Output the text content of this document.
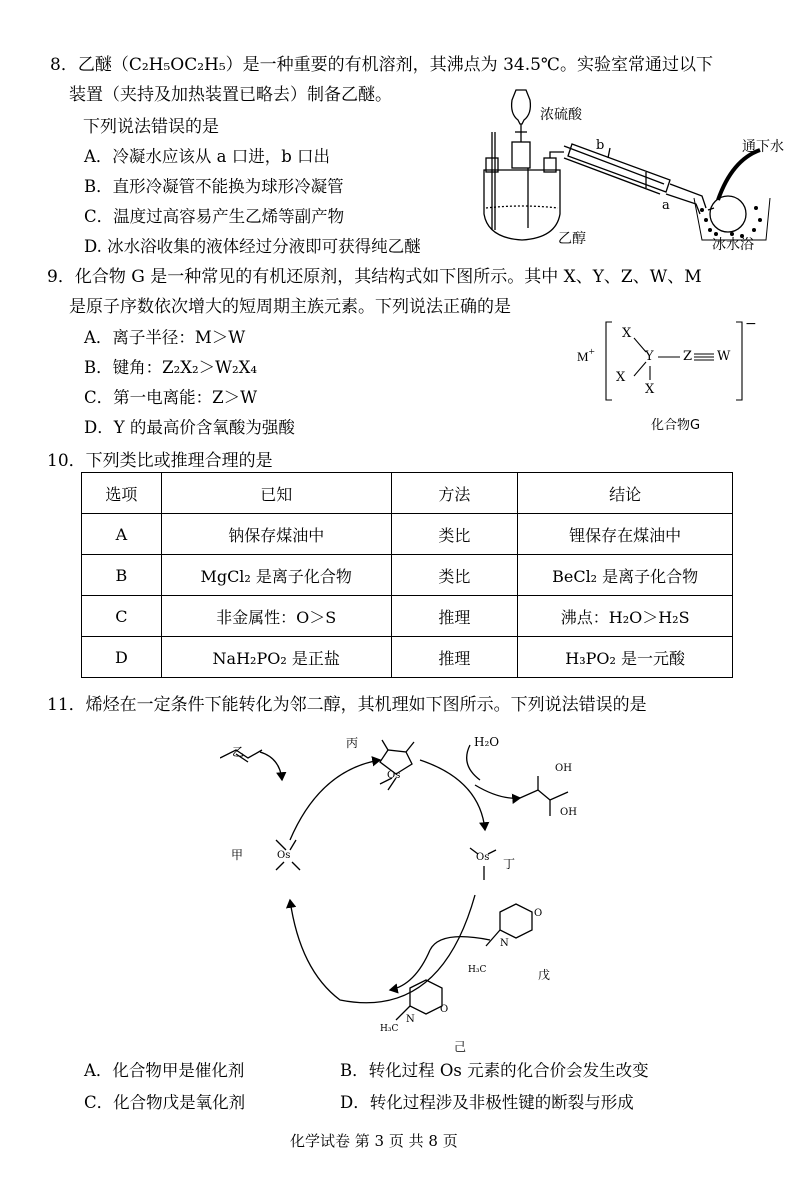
8．乙醚（C₂H₅OC₂H₅）是一种重要的有机溶剂，其沸点为 34.5℃。实验室常通过以下
装置（夹持及加热装置已略去）制备乙醚。
下列说法错误的是
A．冷凝水应该从 a 口进，b 口出
B．直形冷凝管不能换为球形冷凝管
C．温度过高容易产生乙烯等副产物
D. 冰水浴收集的液体经过分液即可获得纯乙醚
浓硫酸
乙醇
通下水
冰水浴
b
a
9．化合物 G 是一种常见的有机还原剂，其结构式如下图所示。其中 X、Y、Z、W、M
是原子序数依次增大的短周期主族元素。下列说法正确的是
A．离子半径：M＞W
B．键角：Z₂X₂＞W₂X₄
C．第一电离能：Z＞W
D．Y 的最高价含氧酸为强酸
M+
X
X
Y
X
Z W
−
化合物G
10．下列类比或推理合理的是
选项	已知	方法	结论
A	钠保存煤油中	类比	锂保存在煤油中
B	MgCl₂ 是离子化合物	类比	BeCl₂ 是离子化合物
C	非金属性：O＞S	推理	沸点：H₂O＞H₂S
D	NaH₂PO₂ 是正盐	推理	H₃PO₂ 是一元酸
11．烯烃在一定条件下能转化为邻二醇，其机理如下图所示。下列说法错误的是
甲
乙
丙
丁
戊
己
H₂O
Os	Os
Os
OH
OH
O
N
H₃C
O
N
H₃C
A．化合物甲是催化剂	B．转化过程 Os 元素的化合价会发生改变
C．化合物戊是氧化剂	D．转化过程涉及非极性键的断裂与形成
化学试卷 第 3 页 共 8 页
